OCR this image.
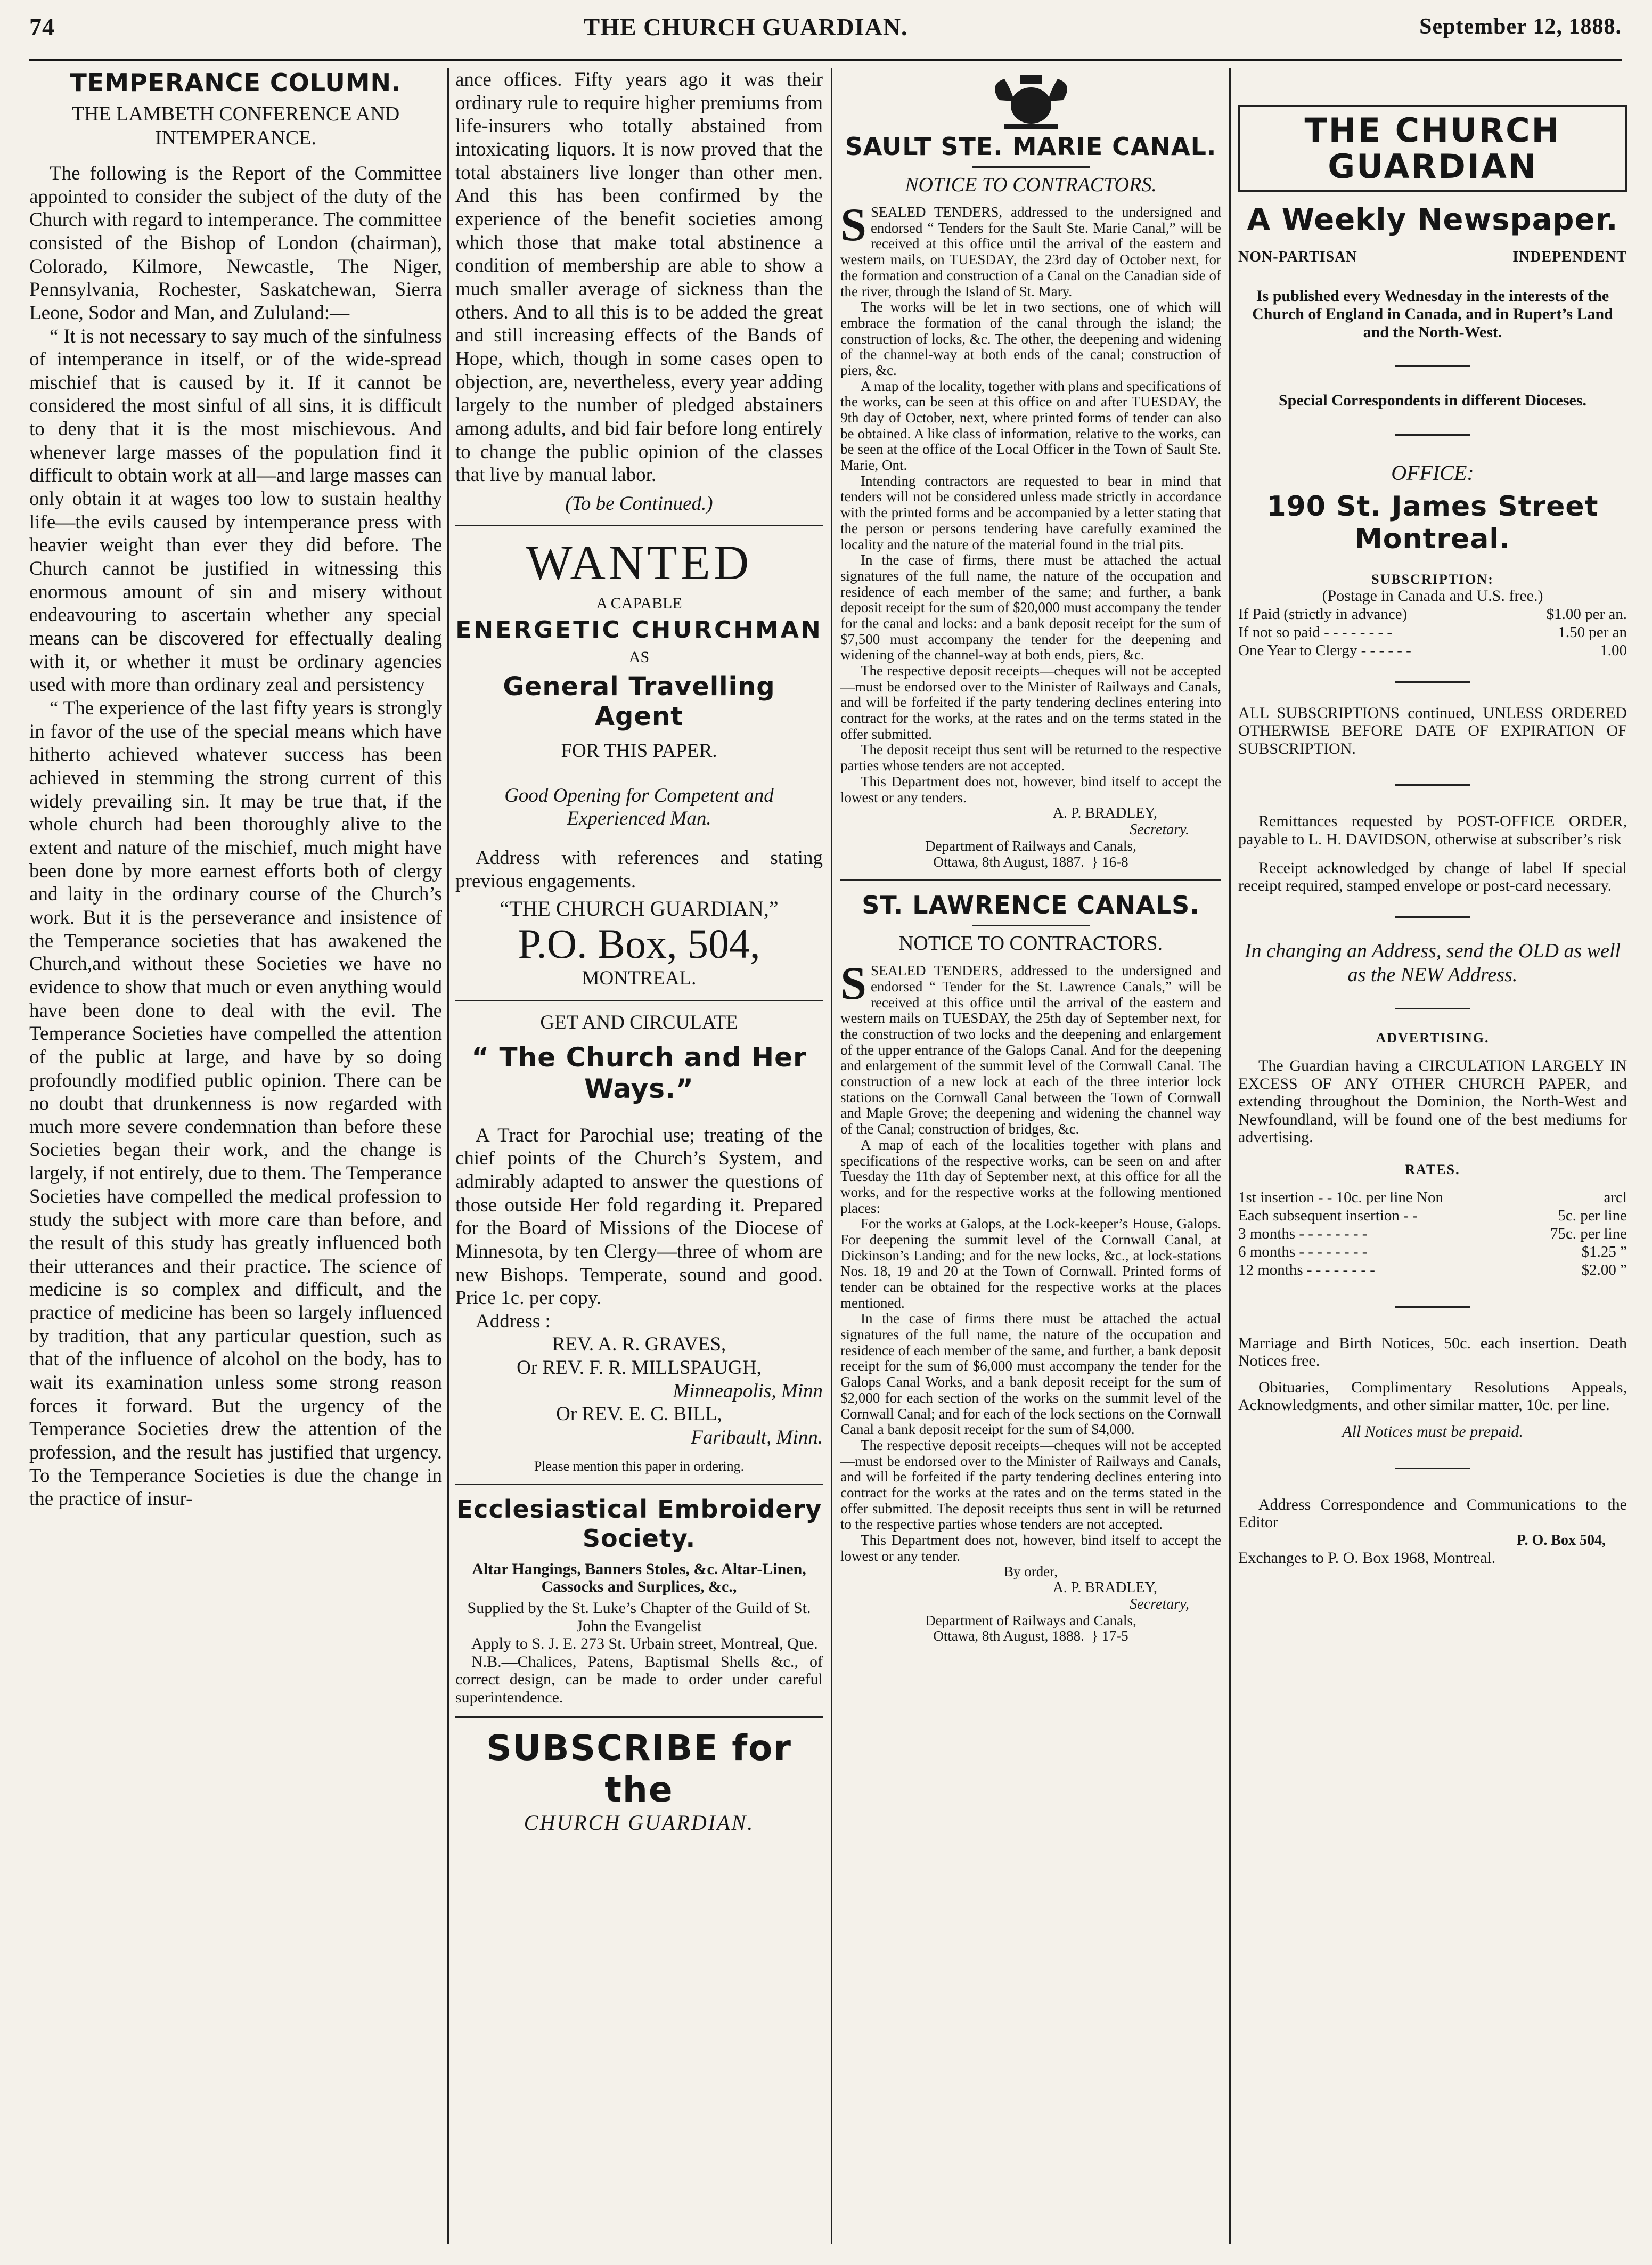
74	THE CHURCH GUARDIAN.	September 12, 1888.

TEMPERANCE COLUMN.

THE LAMBETH CONFERENCE AND INTEMPERANCE.

The following is the Report of the Committee appointed to consider the subject of the duty of the Church with regard to intemperance. The committee consisted of the Bishop of London (chairman), Colorado, Kilmore, Newcastle, The Niger, Pennsylvania, Rochester, Saskatchewan, Sierra Leone, Sodor and Man, and Zululand:—

“ It is not necessary to say much of the sinfulness of intemperance in itself, or of the wide-spread mischief that is caused by it. If it cannot be considered the most sinful of all sins, it is difficult to deny that it is the most mischievous. And whenever large masses of the population find it difficult to obtain work at all—and large masses can only obtain it at wages too low to sustain healthy life—the evils caused by intemperance press with heavier weight than ever they did before. The Church cannot be justified in witnessing this enormous amount of sin and misery without endeavouring to ascertain whether any special means can be discovered for effectually dealing with it, or whether it must be ordinary agencies used with more than ordinary zeal and persistency

“ The experience of the last fifty years is strongly in favor of the use of the special means which have hitherto achieved whatever success has been achieved in stemming the strong current of this widely prevailing sin. It may be true that, if the whole church had been thoroughly alive to the extent and nature of the mischief, much might have been done by more earnest efforts both of clergy and laity in the ordinary course of the Church’s work. But it is the perseverance and insistence of the Temperance societies that has awakened the Church,and without these Societies we have no evidence to show that much or even anything would have been done to deal with the evil. The Temperance Societies have compelled the attention of the public at large, and have by so doing profoundly modified public opinion. There can be no doubt that drunkenness is now regarded with much more severe condemnation than before these Societies began their work, and the change is largely, if not entirely, due to them. The Temperance Societies have compelled the medical profession to study the subject with more care than before, and the result of this study has greatly influenced both their utterances and their practice. The science of medicine is so complex and difficult, and the practice of medicine has been so largely influenced by tradition, that any particular question, such as that of the influence of alcohol on the body, has to wait its examination unless some strong reason forces it forward. But the urgency of the Temperance Societies drew the attention of the profession, and the result has justified that urgency. To the Temperance Societies is due the change in the practice of insur-

ance offices. Fifty years ago it was their ordinary rule to require higher premiums from life-insurers who totally abstained from intoxicating liquors. It is now proved that the total abstainers live longer than other men. And this has been confirmed by the experience of the benefit societies among which those that make total abstinence a condition of membership are able to show a much smaller average of sickness than the others. And to all this is to be added the great and still increasing effects of the Bands of Hope, which, though in some cases open to objection, are, nevertheless, every year adding largely to the number of pledged abstainers among adults, and bid fair before long entirely to change the public opinion of the classes that live by manual labor.

(To be Continued.)

WANTED

A CAPABLE

ENERGETIC CHURCHMAN

AS

General Travelling Agent

FOR THIS PAPER.

Good Opening for Competent and Experienced Man.

Address with references and stating previous engagements.

“THE CHURCH GUARDIAN,”

P.O. Box, 504,

MONTREAL.

GET AND CIRCULATE

“ The Church and Her Ways.”

A Tract for Parochial use; treating of the chief points of the Church’s System, and admirably adapted to answer the questions of those outside Her fold regarding it. Prepared for the Board of Missions of the Diocese of Minnesota, by ten Clergy—three of whom are new Bishops. Temperate, sound and good. Price 1c. per copy.

Address :

REV. A. R. GRAVES,

Or REV. F. R. MILLSPAUGH,

Minneapolis, Minn

Or REV. E. C. BILL,

Faribault, Minn.

Please mention this paper in ordering.

Ecclesiastical Embroidery Society.

Altar Hangings, Banners Stoles, &c. Altar-Linen, Cassocks and Surplices, &c.,

Supplied by the St. Luke’s Chapter of the Guild of St. John the Evangelist

Apply to S. J. E. 273 St. Urbain street, Montreal, Que.

N.B.—Chalices, Patens, Baptismal Shells &c., of correct design, can be made to order under careful superintendence.

SUBSCRIBE for the

CHURCH GUARDIAN.

SAULT STE. MARIE CANAL.

NOTICE TO CONTRACTORS.

SSEALED TENDERS, addressed to the undersigned and endorsed “ Tenders for the Sault Ste. Marie Canal,” will be received at this office until the arrival of the eastern and western mails, on TUESDAY, the 23rd day of October next, for the formation and construction of a Canal on the Canadian side of the river, through the Island of St. Mary.

The works will be let in two sections, one of which will embrace the formation of the canal through the island; the construction of locks, &c. The other, the deepening and widening of the channel-way at both ends of the canal; construction of piers, &c.

A map of the locality, together with plans and specifications of the works, can be seen at this office on and after TUESDAY, the 9th day of October, next, where printed forms of tender can also be obtained. A like class of information, relative to the works, can be seen at the office of the Local Officer in the Town of Sault Ste. Marie, Ont.

Intending contractors are requested to bear in mind that tenders will not be considered unless made strictly in accordance with the printed forms and be accompanied by a letter stating that the person or persons tendering have carefully examined the locality and the nature of the material found in the trial pits.

In the case of firms, there must be attached the actual signatures of the full name, the nature of the occupation and residence of each member of the same; and further, a bank deposit receipt for the sum of $20,000 must accompany the tender for the canal and locks: and a bank deposit receipt for the sum of $7,500 must accompany the tender for the deepening and widening of the channel-way at both ends, piers, &c.

The respective deposit receipts—cheques will not be accepted—must be endorsed over to the Minister of Railways and Canals, and will be forfeited if the party tendering declines entering into contract for the works, at the rates and on the terms stated in the offer submitted.

The deposit receipt thus sent will be returned to the respective parties whose tenders are not accepted.

This Department does not, however, bind itself to accept the lowest or any tenders.

A. P. BRADLEY,

Secretary.

Department of Railways and Canals,

Ottawa, 8th August, 1887.  } 16-8

ST. LAWRENCE CANALS.

NOTICE TO CONTRACTORS.

SSEALED TENDERS, addressed to the undersigned and endorsed “ Tender for the St. Lawrence Canals,” will be received at this office until the arrival of the eastern and western mails on TUESDAY, the 25th day of September next, for the construction of two locks and the deepening and enlargement of the upper entrance of the Galops Canal. And for the deepening and enlargement of the summit level of the Cornwall Canal. The construction of a new lock at each of the three interior lock stations on the Cornwall Canal between the Town of Cornwall and Maple Grove; the deepening and widening the channel way of the Canal; construction of bridges, &c.

A map of each of the localities together with plans and specifications of the respective works, can be seen on and after Tuesday the 11th day of September next, at this office for all the works, and for the respective works at the following mentioned places:

For the works at Galops, at the Lock-keeper’s House, Galops. For deepening the summit level of the Cornwall Canal, at Dickinson’s Landing; and for the new locks, &c., at lock-stations Nos. 18, 19 and 20 at the Town of Cornwall. Printed forms of tender can be obtained for the respective works at the places mentioned.

In the case of firms there must be attached the actual signatures of the full name, the nature of the occupation and residence of each member of the same, and further, a bank deposit receipt for the sum of $6,000 must accompany the tender for the Galops Canal Works, and a bank deposit receipt for the sum of $2,000 for each section of the works on the summit level of the Cornwall Canal; and for each of the lock sections on the Cornwall Canal a bank deposit receipt for the sum of $4,000.

The respective deposit receipts—cheques will not be accepted—must be endorsed over to the Minister of Railways and Canals, and will be forfeited if the party tendering declines entering into contract for the works at the rates and on the terms stated in the offer submitted. The deposit receipts thus sent in will be returned to the respective parties whose tenders are not accepted.

This Department does not, however, bind itself to accept the lowest or any tender.

By order,

A. P. BRADLEY,

Secretary,

Department of Railways and Canals,

Ottawa, 8th August, 1888.  } 17-5

THE CHURCH GUARDIAN

A Weekly Newspaper.

NON-PARTISAN	INDEPENDENT

Is published every Wednesday in the interests of the Church of England in Canada, and in Rupert’s Land and the North-West.

Special Correspondents in different Dioceses.

OFFICE:

190 St. James Street Montreal.

SUBSCRIPTION:

(Postage in Canada and U.S. free.)

If Paid (strictly in advance)	$1.00 per an.
If not so paid - - - - - - - -	1.50 per an
One Year to Clergy - - - - - -	1.00

ALL SUBSCRIPTIONS continued, UNLESS ORDERED OTHERWISE BEFORE DATE OF EXPIRATION OF SUBSCRIPTION.

Remittances requested by POST-OFFICE ORDER, payable to L. H. DAVIDSON, otherwise at subscriber’s risk

Receipt acknowledged by change of label If special receipt required, stamped envelope or post-card necessary.

In changing an Address, send the OLD as well as the NEW Address.

ADVERTISING.

The Guardian having a CIRCULATION LARGELY IN EXCESS OF ANY OTHER CHURCH PAPER, and extending throughout the Dominion, the North-West and Newfoundland, will be found one of the best mediums for advertising.

RATES.

1st insertion - - 10c. per line Non	arcl
Each subsequent insertion - -	5c. per line
3 months - - - - - - - -	75c. per line
6 months - - - - - - - -	$1.25 ”
12 months - - - - - - - -	$2.00 ”

Marriage and Birth Notices, 50c. each insertion. Death Notices free.

Obituaries, Complimentary Resolutions Appeals, Acknowledgments, and other similar matter, 10c. per line.

All Notices must be prepaid.

Address Correspondence and Communications to the Editor

P. O. Box 504,

Exchanges to P. O. Box 1968, Montreal.
